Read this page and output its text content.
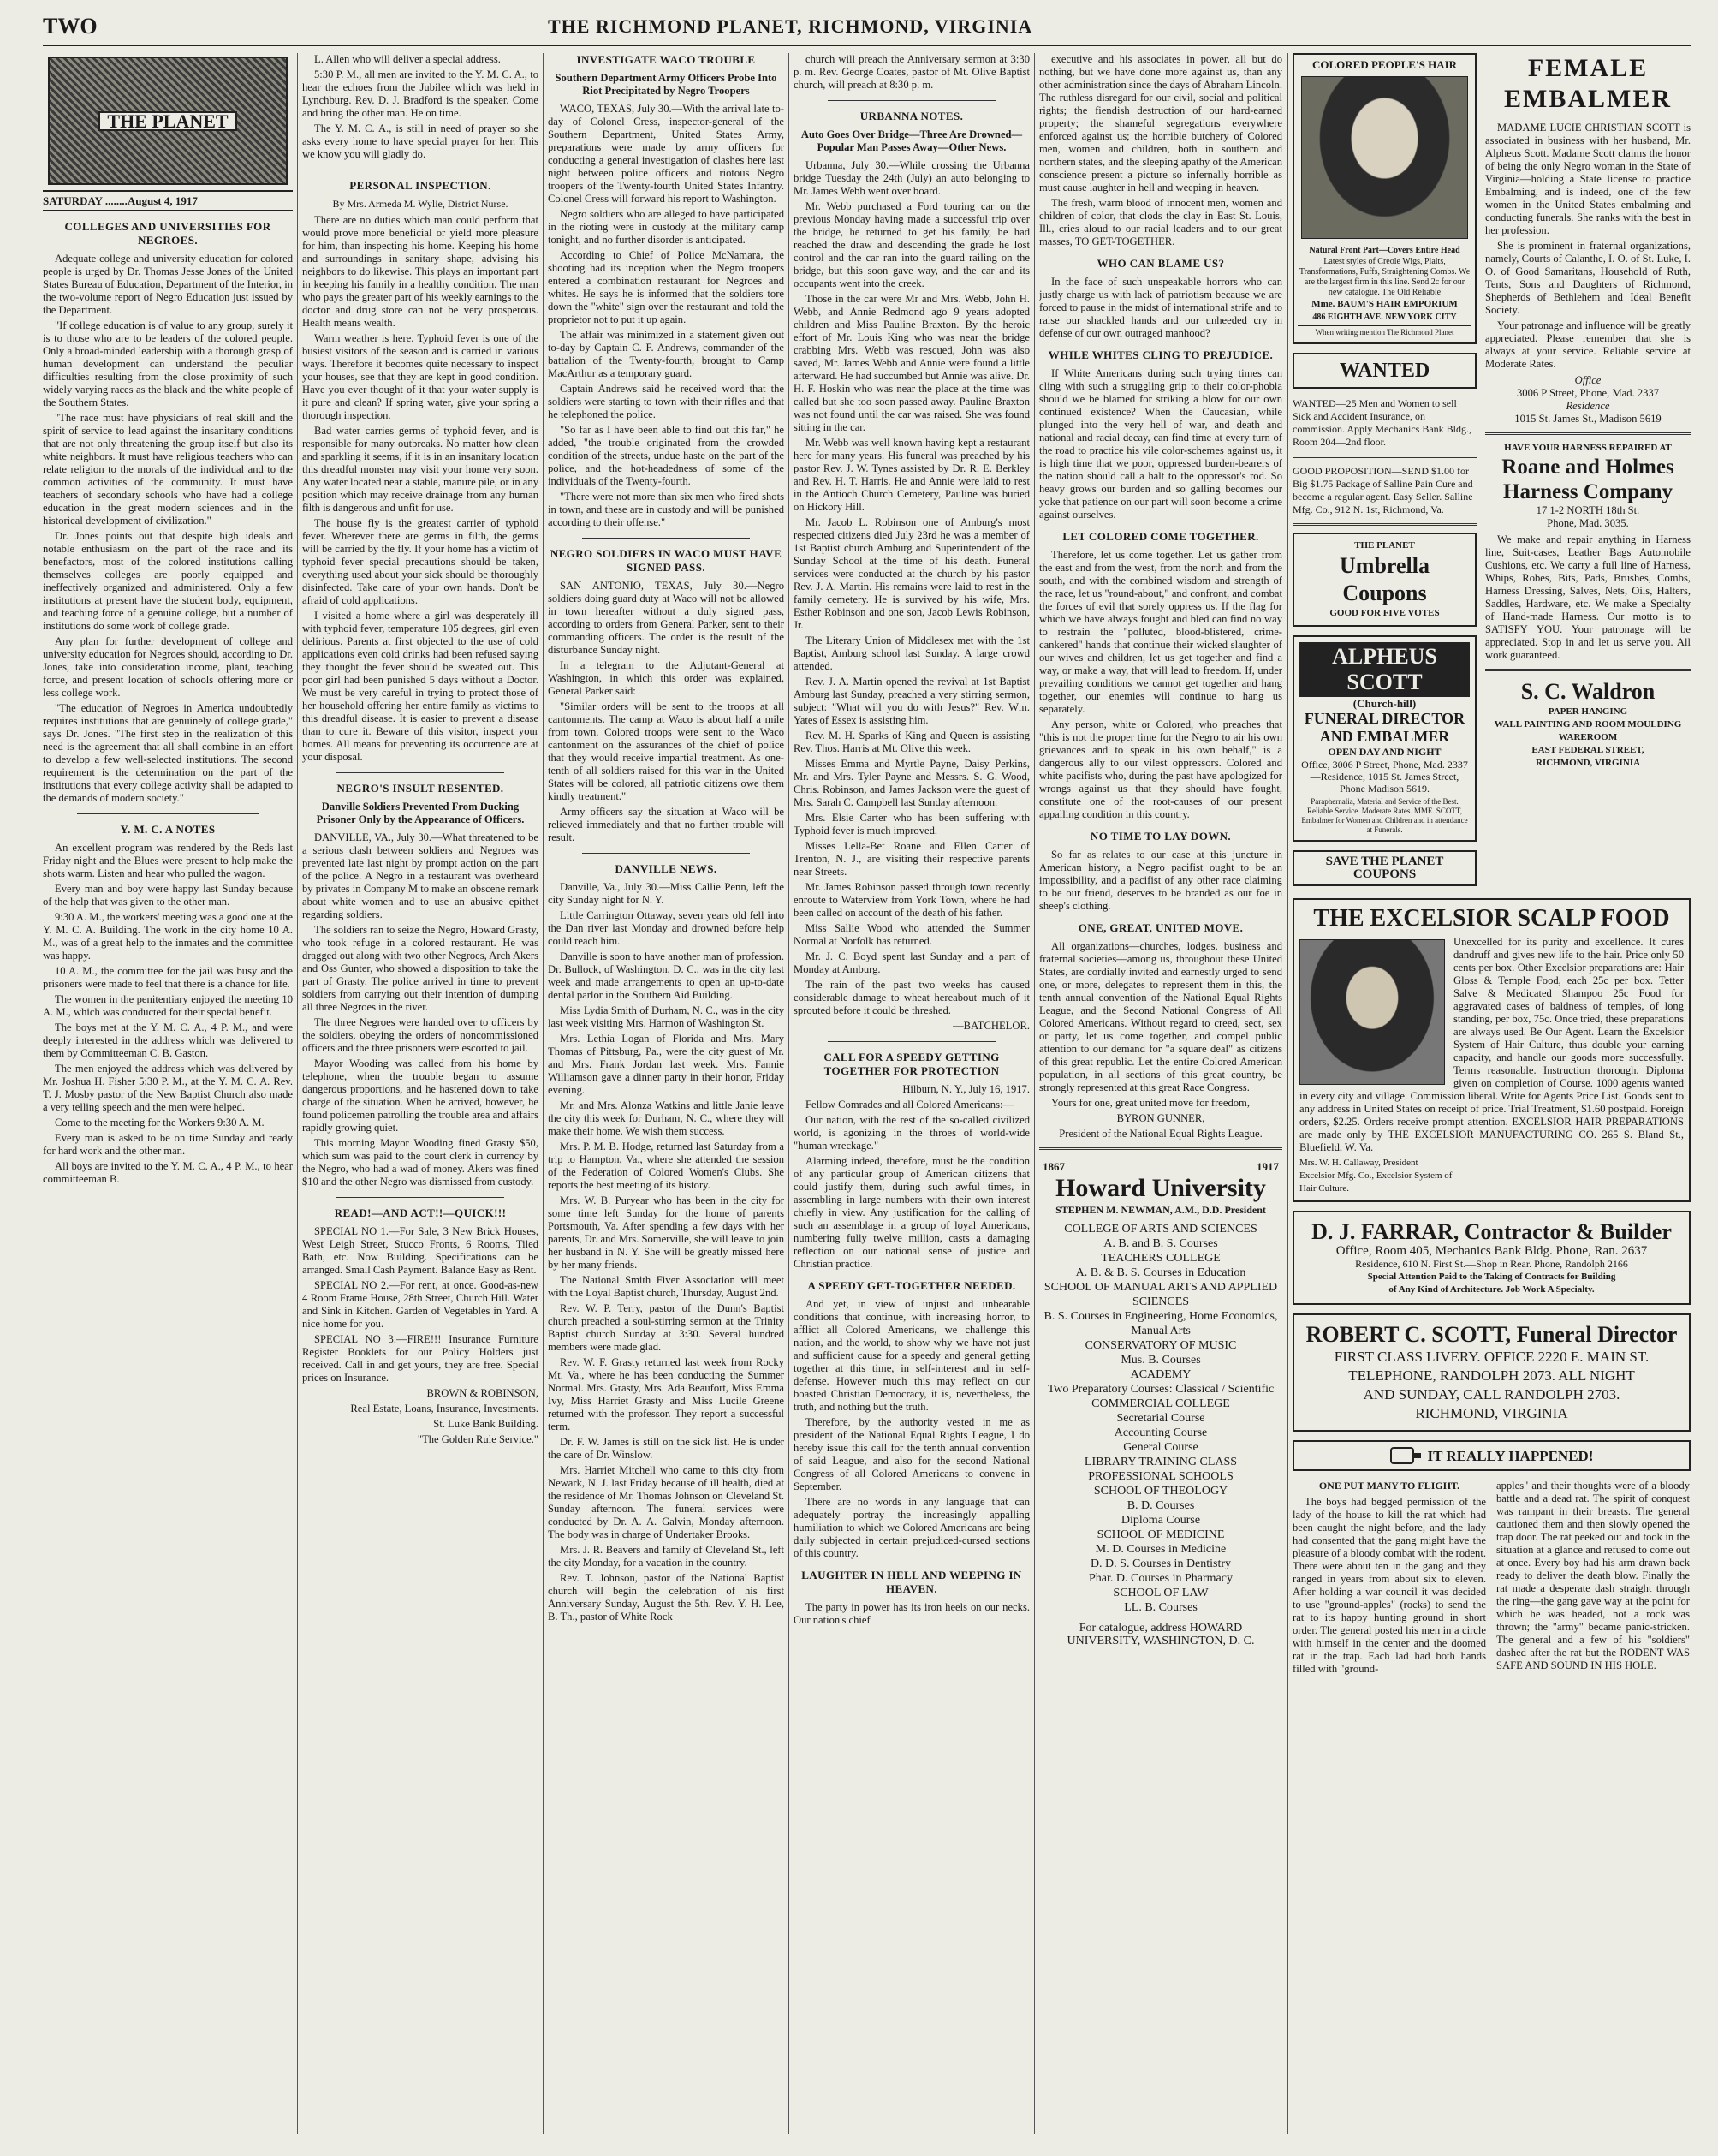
TWO	THE RICHMOND PLANET, RICHMOND, VIRGINIA
THE PLANET
SATURDAY ........August 4, 1917
COLLEGES AND UNIVERSITIES FOR NEGROES.

Adequate college and university education for colored people is urged by Dr. Thomas Jesse Jones of the United States Bureau of Education, Department of the Interior, in the two-volume report of Negro Education just issued by the Department.

"If college education is of value to any group, surely it is to those who are to be leaders of the colored people. Only a broad-minded leadership with a thorough grasp of human development can understand the peculiar difficulties resulting from the close proximity of such widely varying races as the black and the white people of the Southern States.

"The race must have physicians of real skill and the spirit of service to lead against the insanitary conditions that are not only threatening the group itself but also its white neighbors. It must have religious teachers who can relate religion to the morals of the individual and to the common activities of the community. It must have teachers of secondary schools who have had a college education in the great modern sciences and in the historical development of civilization."

Dr. Jones points out that despite high ideals and notable enthusiasm on the part of the race and its benefactors, most of the colored institutions calling themselves colleges are poorly equipped and ineffectively organized and administered. Only a few institutions at present have the student body, equipment, and teaching force of a genuine college, but a number of institutions do some work of college grade.

Any plan for further development of college and university education for Negroes should, according to Dr. Jones, take into consideration income, plant, teaching force, and present location of schools offering more or less college work.

"The education of Negroes in America undoubtedly requires institutions that are genuinely of college grade," says Dr. Jones. "The first step in the realization of this need is the agreement that all shall combine in an effort to develop a few well-selected institutions. The second requirement is the determination on the part of the institutions that every college activity shall be adapted to the demands of modern society."

Y. M. C. A NOTES

An excellent program was rendered by the Reds last Friday night and the Blues were present to help make the shots warm. Listen and hear who pulled the wagon.

Every man and boy were happy last Sunday because of the help that was given to the other man.

9:30 A. M., the workers' meeting was a good one at the Y. M. C. A. Building. The work in the city home 10 A. M., was of a great help to the inmates and the committee was happy.

10 A. M., the committee for the jail was busy and the prisoners were made to feel that there is a chance for life.

The women in the penitentiary enjoyed the meeting 10 A. M., which was conducted for their special benefit.

The boys met at the Y. M. C. A., 4 P. M., and were deeply interested in the address which was delivered to them by Committeeman C. B. Gaston.

The men enjoyed the address which was delivered by Mr. Joshua H. Fisher 5:30 P. M., at the Y. M. C. A. Rev. T. J. Mosby pastor of the New Baptist Church also made a very telling speech and the men were helped.

Come to the meeting for the Workers 9:30 A. M.

Every man is asked to be on time Sunday and ready for hard work and the other man.

All boys are invited to the Y. M. C. A., 4 P. M., to hear committeeman B.

L. Allen who will deliver a special address.

5:30 P. M., all men are invited to the Y. M. C. A., to hear the echoes from the Jubilee which was held in Lynchburg. Rev. D. J. Bradford is the speaker. Come and bring the other man. He on time.

The Y. M. C. A., is still in need of prayer so she asks every home to have special prayer for her. This we know you will gladly do.

PERSONAL INSPECTION.
By Mrs. Armeda M. Wylie, District Nurse.

There are no duties which man could perform that would prove more beneficial or yield more pleasure for him, than inspecting his home. Keeping his home and surroundings in sanitary shape, advising his neighbors to do likewise. This plays an important part in keeping his family in a healthy condition. The man who pays the greater part of his weekly earnings to the doctor and drug store can not be very prosperous. Health means wealth.

Warm weather is here. Typhoid fever is one of the busiest visitors of the season and is carried in various ways. Therefore it becomes quite necessary to inspect your houses, see that they are kept in good condition. Have you ever thought of it that your water supply is it pure and clean? If spring water, give your spring a thorough inspection.

Bad water carries germs of typhoid fever, and is responsible for many outbreaks. No matter how clean and sparkling it seems, if it is in an insanitary location this dreadful monster may visit your home very soon. Any water located near a stable, manure pile, or in any position which may receive drainage from any human filth is dangerous and unfit for use.

The house fly is the greatest carrier of typhoid fever. Wherever there are germs in filth, the germs will be carried by the fly. If your home has a victim of typhoid fever special precautions should be taken, everything used about your sick should be thoroughly disinfected. Take care of your own hands. Don't be afraid of cold applications.

I visited a home where a girl was desperately ill with typhoid fever, temperature 105 degrees, girl even delirious. Parents at first objected to the use of cold applications even cold drinks had been refused saying they thought the fever should be sweated out. This poor girl had been punished 5 days without a Doctor. We must be very careful in trying to protect those of her household offering her entire family as victims to this dreadful disease. It is easier to prevent a disease than to cure it. Beware of this visitor, inspect your homes. All means for preventing its occurrence are at your disposal.

NEGRO'S INSULT RESENTED.
Danville Soldiers Prevented From Ducking Prisoner Only by the Appearance of Officers.

DANVILLE, VA., July 30.—What threatened to be a serious clash between soldiers and Negroes was prevented late last night by prompt action on the part of the police. A Negro in a restaurant was overheard by privates in Company M to make an obscene remark about white women and to use an abusive epithet regarding soldiers.

The soldiers ran to seize the Negro, Howard Grasty, who took refuge in a colored restaurant. He was dragged out along with two other Negroes, Arch Akers and Oss Gunter, who showed a disposition to take the part of Grasty. The police arrived in time to prevent soldiers from carrying out their intention of dumping all three Negroes in the river.

The three Negroes were handed over to officers by the soldiers, obeying the orders of noncommissioned officers and the three prisoners were escorted to jail.

Mayor Wooding was called from his home by telephone, when the trouble began to assume dangerous proportions, and he hastened down to take charge of the situation. When he arrived, however, he found policemen patrolling the trouble area and affairs rapidly growing quiet.

This morning Mayor Wooding fined Grasty $50, which sum was paid to the court clerk in currency by the Negro, who had a wad of money. Akers was fined $10 and the other Negro was dismissed from custody.

READ!—AND ACT!!—QUICK!!!

SPECIAL NO 1.—For Sale, 3 New Brick Houses, West Leigh Street, Stucco Fronts, 6 Rooms, Tiled Bath, etc. Now Building. Specifications can be arranged. Small Cash Payment. Balance Easy as Rent.

SPECIAL NO 2.—For rent, at once. Good-as-new 4 Room Frame House, 28th Street, Church Hill. Water and Sink in Kitchen. Garden of Vegetables in Yard. A nice home for you.

SPECIAL NO 3.—FIRE!!! Insurance Furniture Register Booklets for our Policy Holders just received. Call in and get yours, they are free. Special prices on Insurance.

BROWN & ROBINSON,

Real Estate, Loans, Insurance, Investments.

St. Luke Bank Building.

"The Golden Rule Service."

INVESTIGATE WACO TROUBLE
Southern Department Army Officers Probe Into Riot Precipitated by Negro Troopers

WACO, TEXAS, July 30.—With the arrival late to-day of Colonel Cress, inspector-general of the Southern Department, United States Army, preparations were made by army officers for conducting a general investigation of clashes here last night between police officers and riotous Negro troopers of the Twenty-fourth United States Infantry. Colonel Cress will forward his report to Washington.

Negro soldiers who are alleged to have participated in the rioting were in custody at the military camp tonight, and no further disorder is anticipated.

According to Chief of Police McNamara, the shooting had its inception when the Negro troopers entered a combination restaurant for Negroes and whites. He says he is informed that the soldiers tore down the "white" sign over the restaurant and told the proprietor not to put it up again.

The affair was minimized in a statement given out to-day by Captain C. F. Andrews, commander of the battalion of the Twenty-fourth, brought to Camp MacArthur as a temporary guard.

Captain Andrews said he received word that the soldiers were starting to town with their rifles and that he telephoned the police.

"So far as I have been able to find out this far," he added, "the trouble originated from the crowded condition of the streets, undue haste on the part of the police, and the hot-headedness of some of the individuals of the Twenty-fourth.

"There were not more than six men who fired shots in town, and these are in custody and will be punished according to their offense."

NEGRO SOLDIERS IN WACO MUST HAVE SIGNED PASS.

SAN ANTONIO, TEXAS, July 30.—Negro soldiers doing guard duty at Waco will not be allowed in town hereafter without a duly signed pass, according to orders from General Parker, sent to their commanding officers. The order is the result of the disturbance Sunday night.

In a telegram to the Adjutant-General at Washington, in which this order was explained, General Parker said:

"Similar orders will be sent to the troops at all cantonments. The camp at Waco is about half a mile from town. Colored troops were sent to the Waco cantonment on the assurances of the chief of police that they would receive impartial treatment. As one-tenth of all soldiers raised for this war in the United States will be colored, all patriotic citizens owe them kindly treatment."

Army officers say the situation at Waco will be relieved immediately and that no further trouble will result.

DANVILLE NEWS.

Danville, Va., July 30.—Miss Callie Penn, left the city Sunday night for N. Y.

Little Carrington Ottaway, seven years old fell into the Dan river last Monday and drowned before help could reach him.

Danville is soon to have another man of profession. Dr. Bullock, of Washington, D. C., was in the city last week and made arrangements to open an up-to-date dental parlor in the Southern Aid Building.

Miss Lydia Smith of Durham, N. C., was in the city last week visiting Mrs. Harmon of Washington St.

Mrs. Lethia Logan of Florida and Mrs. Mary Thomas of Pittsburg, Pa., were the city guest of Mr. and Mrs. Frank Jordan last week. Mrs. Fannie Williamson gave a dinner party in their honor, Friday evening.

Mr. and Mrs. Alonza Watkins and little Janie leave the city this week for Durham, N. C., where they will make their home. We wish them success.

Mrs. P. M. B. Hodge, returned last Saturday from a trip to Hampton, Va., where she attended the session of the Federation of Colored Women's Clubs. She reports the best meeting of its history.

Mrs. W. B. Puryear who has been in the city for some time left Sunday for the home of parents Portsmouth, Va. After spending a few days with her parents, Dr. and Mrs. Somerville, she will leave to join her husband in N. Y. She will be greatly missed here by her many friends.

The National Smith Fiver Association will meet with the Loyal Baptist church, Thursday, August 2nd.

Rev. W. P. Terry, pastor of the Dunn's Baptist church preached a soul-stirring sermon at the Trinity Baptist church Sunday at 3:30. Several hundred members were made glad.

Rev. W. F. Grasty returned last week from Rocky Mt. Va., where he has been conducting the Summer Normal. Mrs. Grasty, Mrs. Ada Beaufort, Miss Emma Ivy, Miss Harriet Grasty and Miss Lucile Greene returned with the professor. They report a successful term.

Dr. F. W. James is still on the sick list. He is under the care of Dr. Winslow.

Mrs. Harriet Mitchell who came to this city from Newark, N. J. last Friday because of ill health, died at the residence of Mr. Thomas Johnson on Cleveland St. Sunday afternoon. The funeral services were conducted by Dr. A. A. Galvin, Monday afternoon. The body was in charge of Undertaker Brooks.

Mrs. J. R. Beavers and family of Cleveland St., left the city Monday, for a vacation in the country.

Rev. T. Johnson, pastor of the National Baptist church will begin the celebration of his first Anniversary Sunday, August the 5th. Rev. Y. H. Lee, B. Th., pastor of White Rock

church will preach the Anniversary sermon at 3:30 p. m. Rev. George Coates, pastor of Mt. Olive Baptist church, will preach at 8:30 p. m.

URBANNA NOTES.
Auto Goes Over Bridge—Three Are Drowned—Popular Man Passes Away—Other News.

Urbanna, July 30.—While crossing the Urbanna bridge Tuesday the 24th (July) an auto belonging to Mr. James Webb went over board.

Mr. Webb purchased a Ford touring car on the previous Monday having made a successful trip over the bridge, he returned to get his family, he had reached the draw and descending the grade he lost control and the car ran into the guard railing on the bridge, but this soon gave way, and the car and its occupants went into the creek.

Those in the car were Mr and Mrs. Webb, John H. Webb, and Annie Redmond ago 9 years adopted children and Miss Pauline Braxton. By the heroic effort of Mr. Louis King who was near the bridge crabbing Mrs. Webb was rescued, John was also saved, Mr. James Webb and Annie were found a little afterward. He had succumbed but Annie was alive. Dr. H. F. Hoskin who was near the place at the time was called but she too soon passed away. Pauline Braxton was not found until the car was raised. She was found sitting in the car.

Mr. Webb was well known having kept a restaurant here for many years. His funeral was preached by his pastor Rev. J. W. Tynes assisted by Dr. R. E. Berkley and Rev. H. T. Harris. He and Annie were laid to rest in the Antioch Church Cemetery, Pauline was buried on Hickory Hill.

Mr. Jacob L. Robinson one of Amburg's most respected citizens died July 23rd he was a member of 1st Baptist church Amburg and Superintendent of the Sunday School at the time of his death. Funeral services were conducted at the church by his pastor Rev. J. A. Martin. His remains were laid to rest in the family cemetery. He is survived by his wife, Mrs. Esther Robinson and one son, Jacob Lewis Robinson, Jr.

The Literary Union of Middlesex met with the 1st Baptist, Amburg school last Sunday. A large crowd attended.

Rev. J. A. Martin opened the revival at 1st Baptist Amburg last Sunday, preached a very stirring sermon, subject: "What will you do with Jesus?" Rev. Wm. Yates of Essex is assisting him.

Rev. M. H. Sparks of King and Queen is assisting Rev. Thos. Harris at Mt. Olive this week.

Misses Emma and Myrtle Payne, Daisy Perkins, Mr. and Mrs. Tyler Payne and Messrs. S. G. Wood, Chris. Robinson, and James Jackson were the guest of Mrs. Sarah C. Campbell last Sunday afternoon.

Mrs. Elsie Carter who has been suffering with Typhoid fever is much improved.

Misses Lella-Bet Roane and Ellen Carter of Trenton, N. J., are visiting their respective parents near Streets.

Mr. James Robinson passed through town recently enroute to Waterview from York Town, where he had been called on account of the death of his father.

Miss Sallie Wood who attended the Summer Normal at Norfolk has returned.

Mr. J. C. Boyd spent last Sunday and a part of Monday at Amburg.

The rain of the past two weeks has caused considerable damage to wheat hereabout much of it sprouted before it could be threshed.

—BATCHELOR.

CALL FOR A SPEEDY GETTING TOGETHER FOR PROTECTION

Hilburn, N. Y., July 16, 1917.

Fellow Comrades and all Colored Americans:—

Our nation, with the rest of the so-called civilized world, is agonizing in the throes of world-wide "human wreckage."

Alarming indeed, therefore, must be the condition of any particular group of American citizens that could justify them, during such awful times, in assembling in large numbers with their own interest chiefly in view. Any justification for the calling of such an assemblage in a group of loyal Americans, numbering fully twelve million, casts a damaging reflection on our national sense of justice and Christian practice.

A SPEEDY GET-TOGETHER NEEDED.

And yet, in view of unjust and unbearable conditions that continue, with increasing horror, to afflict all Colored Americans, we challenge this nation, and the world, to show why we have not just and sufficient cause for a speedy and general getting together at this time, in self-interest and in self-defense. However much this may reflect on our boasted Christian Democracy, it is, nevertheless, the truth, and nothing but the truth.

Therefore, by the authority vested in me as president of the National Equal Rights League, I do hereby issue this call for the tenth annual convention of said League, and also for the second National Congress of all Colored Americans to convene in September.

There are no words in any language that can adequately portray the increasingly appalling humiliation to which we Colored Americans are being daily subjected in certain prejudiced-cursed sections of this country.

LAUGHTER IN HELL AND WEEPING IN HEAVEN.

The party in power has its iron heels on our necks. Our nation's chief

executive and his associates in power, all but do nothing, but we have done more against us, than any other administration since the days of Abraham Lincoln. The ruthless disregard for our civil, social and political rights; the fiendish destruction of our hard-earned property; the shameful segregations everywhere enforced against us; the horrible butchery of Colored men, women and children, both in southern and northern states, and the sleeping apathy of the American conscience present a picture so infernally horrible as must cause laughter in hell and weeping in heaven.

The fresh, warm blood of innocent men, women and children of color, that clods the clay in East St. Louis, Ill., cries aloud to our racial leaders and to our great masses, TO GET-TOGETHER.

WHO CAN BLAME US?

In the face of such unspeakable horrors who can justly charge us with lack of patriotism because we are forced to pause in the midst of international strife and to raise our shackled hands and our unheeded cry in defense of our own outraged manhood?

WHILE WHITES CLING TO PREJUDICE.

If White Americans during such trying times can cling with such a struggling grip to their color-phobia should we be blamed for striking a blow for our own continued existence? When the Caucasian, while plunged into the very hell of war, and death and national and racial decay, can find time at every turn of the road to practice his vile color-schemes against us, it is high time that we poor, oppressed burden-bearers of the nation should call a halt to the oppressor's rod. So heavy grows our burden and so galling becomes our yoke that patience on our part will soon become a crime against ourselves.

LET COLORED COME TOGETHER.

Therefore, let us come together. Let us gather from the east and from the west, from the north and from the south, and with the combined wisdom and strength of the race, let us "round-about," and confront, and combat the forces of evil that sorely oppress us. If the flag for which we have always fought and bled can find no way to restrain the "polluted, blood-blistered, crime-cankered" hands that continue their wicked slaughter of our wives and children, let us get together and find a way, or make a way, that will lead to freedom. If, under prevailing conditions we cannot get together and hang together, our enemies will continue to hang us separately.

Any person, white or Colored, who preaches that "this is not the proper time for the Negro to air his own grievances and to speak in his own behalf," is a dangerous ally to our vilest oppressors. Colored and white pacifists who, during the past have apologized for wrongs against us that they should have fought, constitute one of the root-causes of our present appalling condition in this country.

NO TIME TO LAY DOWN.

So far as relates to our case at this juncture in American history, a Negro pacifist ought to be an impossibility, and a pacifist of any other race claiming to be our friend, deserves to be branded as our foe in sheep's clothing.

ONE, GREAT, UNITED MOVE.

All organizations—churches, lodges, business and fraternal societies—among us, throughout these United States, are cordially invited and earnestly urged to send one, or more, delegates to represent them in this, the tenth annual convention of the National Equal Rights League, and the Second National Congress of All Colored Americans. Without regard to creed, sect, sex or party, let us come together, and compel public attention to our demand for "a square deal" as citizens of this great republic. Let the entire Colored American population, in all sections of this great country, be strongly represented at this great Race Congress.

Yours for one, great united move for freedom,

BYRON GUNNER,

President of the National Equal Rights League.

1867	1917
Howard University
STEPHEN M. NEWMAN, A.M., D.D. President
COLLEGE OF ARTS AND SCIENCES
A. B. and B. S. Courses
TEACHERS COLLEGE
A. B. & B. S. Courses in Education
SCHOOL OF MANUAL ARTS AND APPLIED SCIENCES
B. S. Courses in Engineering, Home Economics, Manual Arts
CONSERVATORY OF MUSIC
Mus. B. Courses
ACADEMY
Two Preparatory Courses: Classical / Scientific
COMMERCIAL COLLEGE
Secretarial Course
Accounting Course
General Course
LIBRARY TRAINING CLASS
PROFESSIONAL SCHOOLS
SCHOOL OF THEOLOGY
B. D. Courses
Diploma Course
SCHOOL OF MEDICINE
M. D. Courses in Medicine
D. D. S. Courses in Dentistry
Phar. D. Courses in Pharmacy
SCHOOL OF LAW
LL. B. Courses
For catalogue, address HOWARD UNIVERSITY, WASHINGTON, D. C.
COLORED PEOPLE'S HAIR
Natural Front Part—Covers Entire Head
Latest styles of Creole Wigs, Plaits, Transformations, Puffs, Straightening Combs. We are the largest firm in this line. Send 2c for our new catalogue. The Old Reliable
Mme. BAUM'S HAIR EMPORIUM
486 EIGHTH AVE. NEW YORK CITY
When writing mention The Richmond Planet
WANTED

WANTED—25 Men and Women to sell Sick and Accident Insurance, on commission. Apply Mechanics Bank Bldg., Room 204—2nd floor.

GOOD PROPOSITION—SEND $1.00 for Big $1.75 Package of Salline Pain Cure and become a regular agent. Easy Seller. Salline Mfg. Co., 912 N. 1st, Richmond, Va.

THE PLANET
Umbrella Coupons
GOOD FOR FIVE VOTES
ALPHEUS SCOTT
(Church-hill)
FUNERAL DIRECTOR AND EMBALMER
OPEN DAY AND NIGHT
Office, 3006 P Street, Phone, Mad. 2337—Residence, 1015 St. James Street, Phone Madison 5619.
Paraphernalia, Material and Service of the Best. Reliable Service. Moderate Rates. MME. SCOTT, Embalmer for Women and Children and in attendance at Funerals.
SAVE THE PLANET COUPONS
FEMALE
EMBALMER

MADAME LUCIE CHRISTIAN SCOTT is associated in business with her husband, Mr. Alpheus Scott. Madame Scott claims the honor of being the only Negro woman in the State of Virginia—holding a State license to practice Embalming, and is indeed, one of the few women in the United States embalming and conducting funerals. She ranks with the best in her profession.

She is prominent in fraternal organizations, namely, Courts of Calanthe, I. O. of St. Luke, I. O. of Good Samaritans, Household of Ruth, Tents, Sons and Daughters of Richmond, Shepherds of Bethlehem and Ideal Benefit Society.

Your patronage and influence will be greatly appreciated. Please remember that she is always at your service. Reliable service at Moderate Rates.

Office
3006 P Street, Phone, Mad. 2337
Residence
1015 St. James St., Madison 5619
HAVE YOUR HARNESS REPAIRED AT
Roane and Holmes Harness Company
17 1-2 NORTH 18th St.
Phone, Mad. 3035.

We make and repair anything in Harness line, Suit-cases, Leather Bags Automobile Cushions, etc. We carry a full line of Harness, Whips, Robes, Bits, Pads, Brushes, Combs, Harness Dressing, Salves, Nets, Oils, Halters, Saddles, Hardware, etc. We make a Specialty of Hand-made Harness. Our motto is to SATISFY YOU. Your patronage will be appreciated. Stop in and let us serve you. All work guaranteed.

S. C. Waldron
PAPER HANGING
WALL PAINTING AND ROOM MOULDING
WAREROOM
EAST FEDERAL STREET,
RICHMOND, VIRGINIA
THE EXCELSIOR SCALP FOOD

Unexcelled for its purity and excellence. It cures dandruff and gives new life to the hair. Price only 50 cents per box. Other Excelsior preparations are: Hair Gloss & Temple Food, each 25c per box. Tetter Salve & Medicated Shampoo 25c Food for aggravated cases of baldness of temples, of long standing, per box, 75c. Once tried, these preparations are always used. Be Our Agent. Learn the Excelsior System of Hair Culture, thus double your earning capacity, and handle our goods more successfully. Terms reasonable. Instruction thorough. Diploma given on completion of Course. 1000 agents wanted in every city and village. Commission liberal. Write for Agents Price List. Goods sent to any address in United States on receipt of price. Trial Treatment, $1.60 postpaid. Foreign orders, $2.25. Orders receive prompt attention. EXCELSIOR HAIR PREPARATIONS are made only by THE EXCELSIOR MANUFACTURING CO. 265 S. Bland St., Bluefield, W. Va.

Mrs. W. H. Callaway, President Excelsior Mfg. Co., Excelsior System of Hair Culture.
D. J. FARRAR, Contractor & Builder
Office, Room 405, Mechanics Bank Bldg. Phone, Ran. 2637
Residence, 610 N. First St.—Shop in Rear. Phone, Randolph 2166
Special Attention Paid to the Taking of Contracts for Building
of Any Kind of Architecture. Job Work A Specialty.
ROBERT C. SCOTT, Funeral Director
FIRST CLASS LIVERY. OFFICE 2220 E. MAIN ST.
TELEPHONE, RANDOLPH 2073. ALL NIGHT
AND SUNDAY, CALL RANDOLPH 2703.
RICHMOND, VIRGINIA
IT REALLY HAPPENED!
ONE PUT MANY TO FLIGHT.

The boys had begged permission of the lady of the house to kill the rat which had been caught the night before, and the lady had consented that the gang might have the pleasure of a bloody combat with the rodent. There were about ten in the gang and they ranged in years from about six to eleven. After holding a war council it was decided to use "ground-apples" (rocks) to send the rat to its happy hunting ground in short order. The general posted his men in a circle with himself in the center and the doomed rat in the trap. Each lad had both hands filled with "ground-

apples" and their thoughts were of a bloody battle and a dead rat. The spirit of conquest was rampant in their breasts. The general cautioned them and then slowly opened the trap door. The rat peeked out and took in the situation at a glance and refused to come out at once. Every boy had his arm drawn back ready to deliver the death blow. Finally the rat made a desperate dash straight through the ring—the gang gave way at the point for which he was headed, not a rock was thrown; the "army" became panic-stricken. The general and a few of his "soldiers" dashed after the rat but the RODENT WAS SAFE AND SOUND IN HIS HOLE.
